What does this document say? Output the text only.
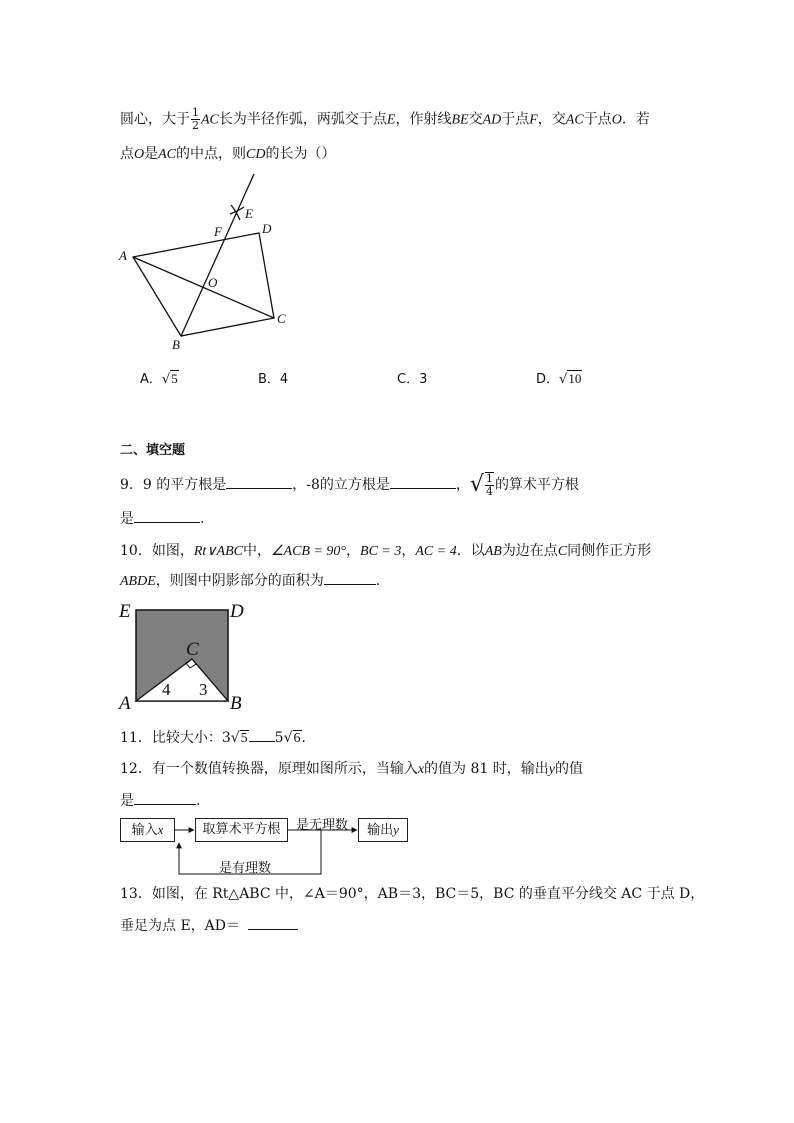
圆心，大于 $\frac{1}{2}$ AC长为半径作弧，两弧交于点E，作射线BE交AD于点F，交AC于点O．若
点O是AC的中点，则CD的长为（）
A
B
C
D
E
F
O
A．√5	B．4	C．3	D．√10
二、填空题
9．9 的平方根是	，-8的立方根是	，√ $\frac{1}{4}$ 的算术平方根
是	.
10．如图，Rt∨ABC中，∠ACB = 90°，BC = 3，AC = 4．以AB为边在点C同侧作正方形
ABDE，则图中阴影部分的面积为	．
E	D
C
A	B
4 3
11．比较大小：3√5 5√6．
12．有一个数值转换器，原理如图所示，当输入x的值为 81 时，输出y的值
是	.
输入x	取算术平方根	是无理数	输出y
是有理数
13．如图，在 Rt△ABC 中，∠A＝90°，AB＝3，BC＝5，BC 的垂直平分线交 AC 于点 D，
垂足为点 E，AD＝
